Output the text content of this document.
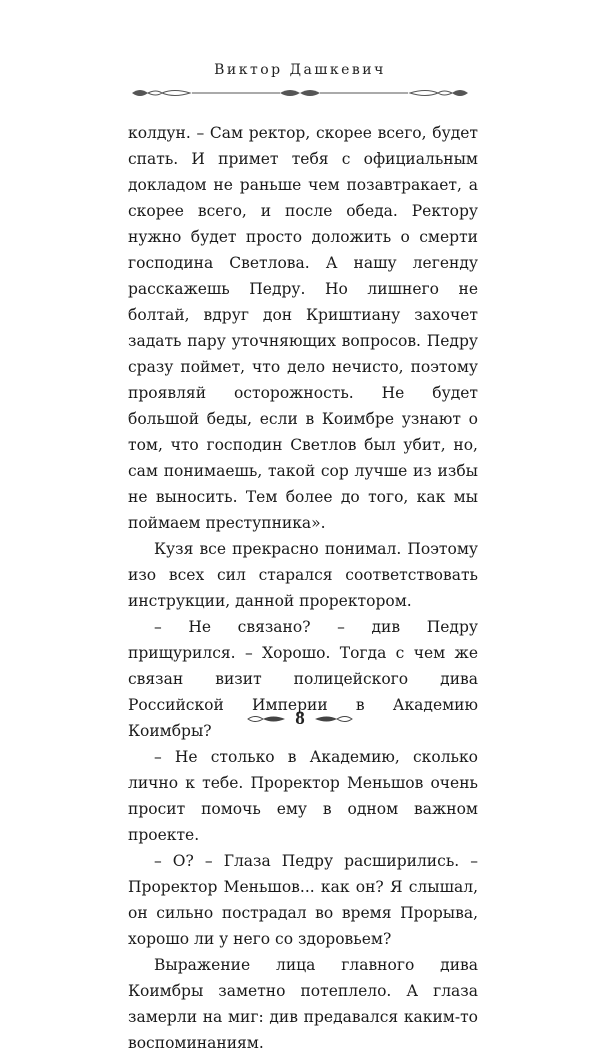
Виктор Дашкевич

колдун. – Сам ректор, скорее всего, будет спать. И примет тебя с официальным докладом не раньше чем позавтракает, а скорее всего, и после обеда. Ректору нужно будет просто доложить о смерти господина Светлова. А нашу легенду расскажешь Педру. Но лишнего не болтай, вдруг дон Криштиану захочет задать пару уточняющих вопросов. Педру сразу поймет, что дело нечисто, поэтому проявляй осторожность. Не будет большой беды, если в Коимбре узнают о том, что господин Светлов был убит, но, сам понимаешь, такой сор лучше из избы не выносить. Тем более до того, как мы поймаем преступника».

Кузя все прекрасно понимал. Поэтому изо всех сил старался соответствовать инструкции, данной проректором.

– Не связано? – див Педру прищурился. – Хорошо. Тогда с чем же связан визит полицейского дива Российской Империи в Академию Коимбры?

– Не столько в Академию, сколько лично к тебе. Проректор Меньшов очень просит помочь ему в одном важном проекте.

– О? – Глаза Педру расширились. – Проректор Меньшов... как он? Я слышал, он сильно пострадал во время Прорыва, хорошо ли у него со здоровьем?

Выражение лица главного дива Коимбры заметно потеплело. А глаза замерли на миг: див предавался каким-то воспоминаниям.

8
